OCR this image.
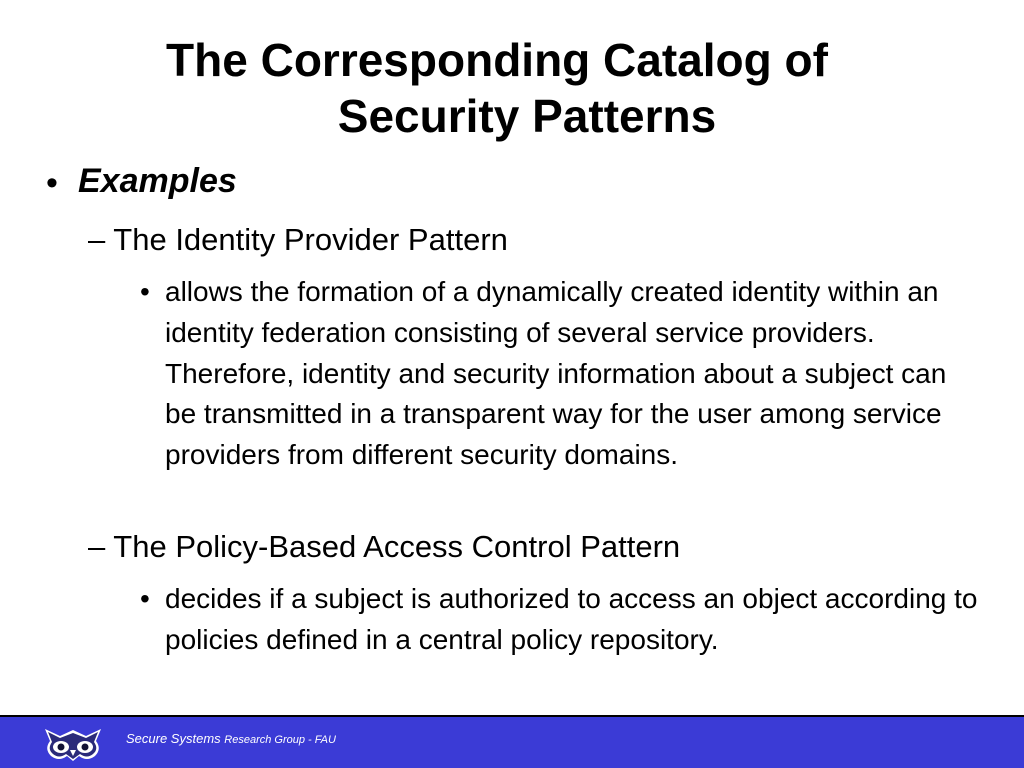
The Corresponding Catalog of
Security Patterns
• Examples
– The Identity Provider Pattern
• allows the formation of a dynamically created identity within an identity federation consisting of several service providers. Therefore, identity and security information about a subject can be transmitted in a transparent way for the user among service providers from different security domains.
– The Policy-Based Access Control Pattern
• decides if a subject is authorized to access an object according to policies defined in a central policy repository.
Secure Systems Research Group - FAU
